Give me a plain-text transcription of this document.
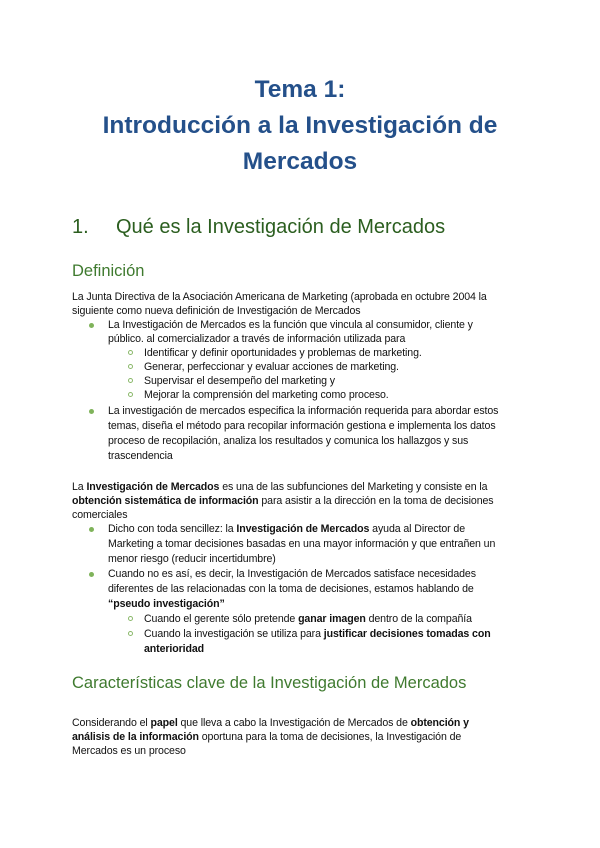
Tema 1:
Introducción a la Investigación de
Mercados
1. Qué es la Investigación de Mercados
Definición
La Junta Directiva de la Asociación Americana de Marketing (aprobada en octubre 2004 la
siguiente como nueva definición de Investigación de Mercados
La Investigación de Mercados es la función que vincula al consumidor, cliente y
público. al comercializador a través de información utilizada para
Identificar y definir oportunidades y problemas de marketing.
Generar, perfeccionar y evaluar acciones de marketing.
Supervisar el desempeño del marketing y
Mejorar la comprensión del marketing como proceso.
La investigación de mercados especifica la información requerida para abordar estos
temas, diseña el método para recopilar información gestiona e implementa los datos
proceso de recopilación, analiza los resultados y comunica los hallazgos y sus
trascendencia
La Investigación de Mercados es una de las subfunciones del Marketing y consiste en la
obtención sistemática de información para asistir a la dirección en la toma de decisiones
comerciales
Dicho con toda sencillez: la Investigación de Mercados ayuda al Director de
Marketing a tomar decisiones basadas en una mayor información y que entrañen un
menor riesgo (reducir incertidumbre)
Cuando no es así, es decir, la Investigación de Mercados satisface necesidades
diferentes de las relacionadas con la toma de decisiones, estamos hablando de
“pseudo investigación”
Cuando el gerente sólo pretende ganar imagen dentro de la compañía
Cuando la investigación se utiliza para justificar decisiones tomadas con
anterioridad
Características clave de la Investigación de Mercados
Considerando el papel que lleva a cabo la Investigación de Mercados de obtención y
análisis de la información oportuna para la toma de decisiones, la Investigación de
Mercados es un proceso
